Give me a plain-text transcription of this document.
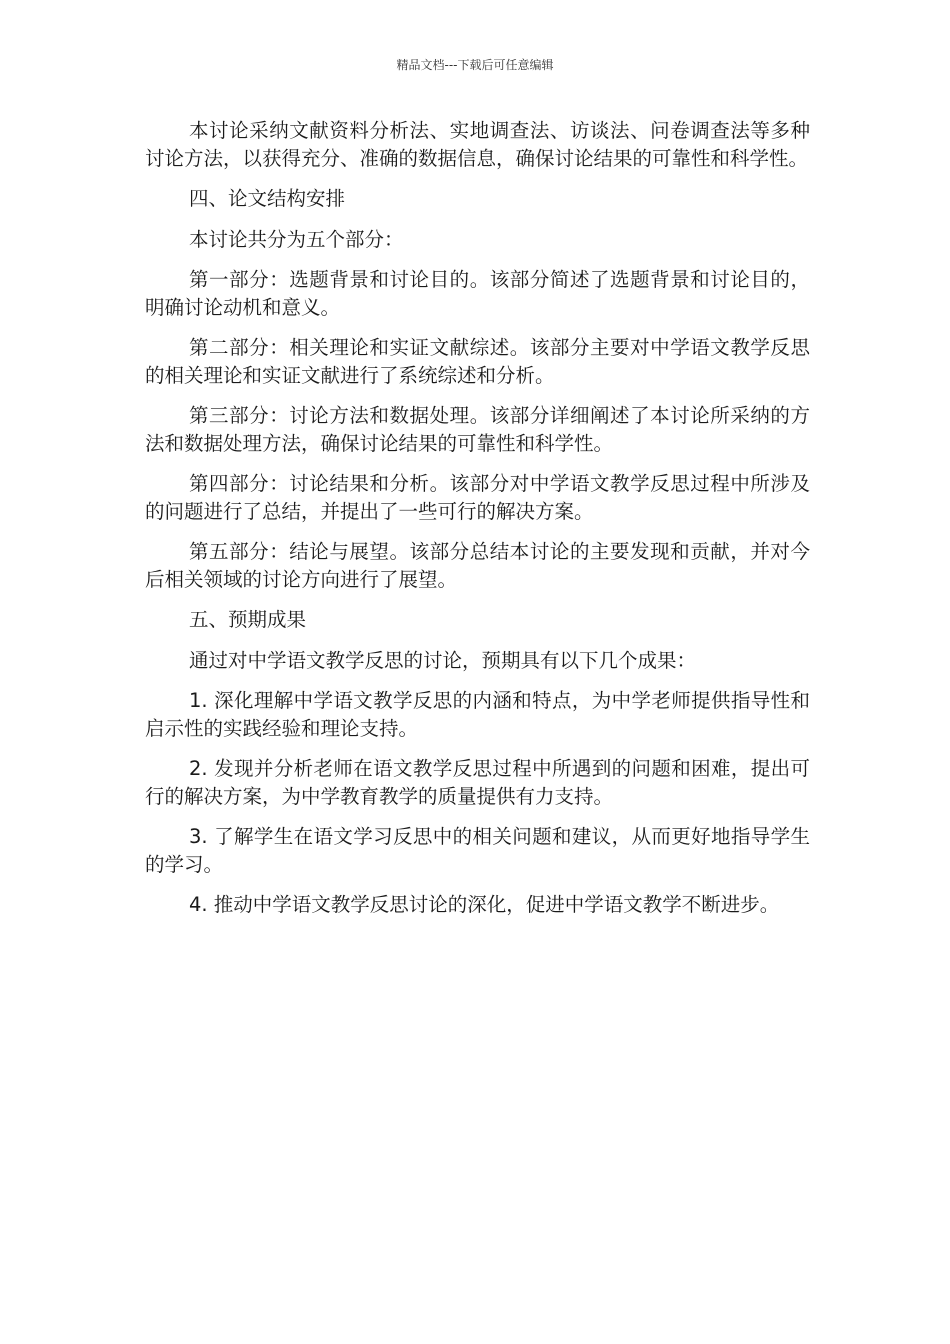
精品文档---下载后可任意编辑

本讨论采纳文献资料分析法、实地调查法、访谈法、问卷调查法等多种讨论方法，以获得充分、准确的数据信息，确保讨论结果的可靠性和科学性。

四、论文结构安排

本讨论共分为五个部分：

第一部分：选题背景和讨论目的。该部分简述了选题背景和讨论目的，明确讨论动机和意义。

第二部分：相关理论和实证文献综述。该部分主要对中学语文教学反思的相关理论和实证文献进行了系统综述和分析。

第三部分：讨论方法和数据处理。该部分详细阐述了本讨论所采纳的方法和数据处理方法，确保讨论结果的可靠性和科学性。

第四部分：讨论结果和分析。该部分对中学语文教学反思过程中所涉及的问题进行了总结，并提出了一些可行的解决方案。

第五部分：结论与展望。该部分总结本讨论的主要发现和贡献，并对今后相关领域的讨论方向进行了展望。

五、预期成果

通过对中学语文教学反思的讨论，预期具有以下几个成果：

1. 深化理解中学语文教学反思的内涵和特点，为中学老师提供指导性和启示性的实践经验和理论支持。

2. 发现并分析老师在语文教学反思过程中所遇到的问题和困难，提出可行的解决方案，为中学教育教学的质量提供有力支持。

3. 了解学生在语文学习反思中的相关问题和建议，从而更好地指导学生的学习。

4. 推动中学语文教学反思讨论的深化，促进中学语文教学不断进步。
